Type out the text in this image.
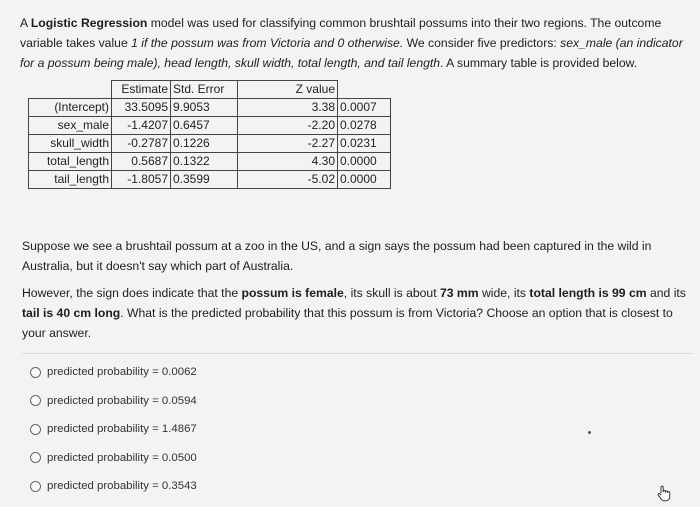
A Logistic Regression model was used for classifying common brushtail possums into their two regions. The outcome variable takes value 1 if the possum was from Victoria and 0 otherwise. We consider five predictors: sex_male (an indicator for a possum being male), head length, skull width, total length, and tail length. A summary table is provided below.
	Estimate	Std. Error	Z value	
(Intercept)	33.5095	9.9053	3.38	0.0007
sex_male	-1.4207	0.6457	-2.20	0.0278
skull_width	-0.2787	0.1226	-2.27	0.0231
total_length	0.5687	0.1322	4.30	0.0000
tail_length	-1.8057	0.3599	-5.02	0.0000
Suppose we see a brushtail possum at a zoo in the US, and a sign says the possum had been captured in the wild in Australia, but it doesn't say which part of Australia.
However, the sign does indicate that the possum is female, its skull is about 73 mm wide, its total length is 99 cm and its tail is 40 cm long. What is the predicted probability that this possum is from Victoria? Choose an option that is closest to your answer.
predicted probability = 0.0062
predicted probability = 0.0594
predicted probability = 1.4867
predicted probability = 0.0500
predicted probability = 0.3543
